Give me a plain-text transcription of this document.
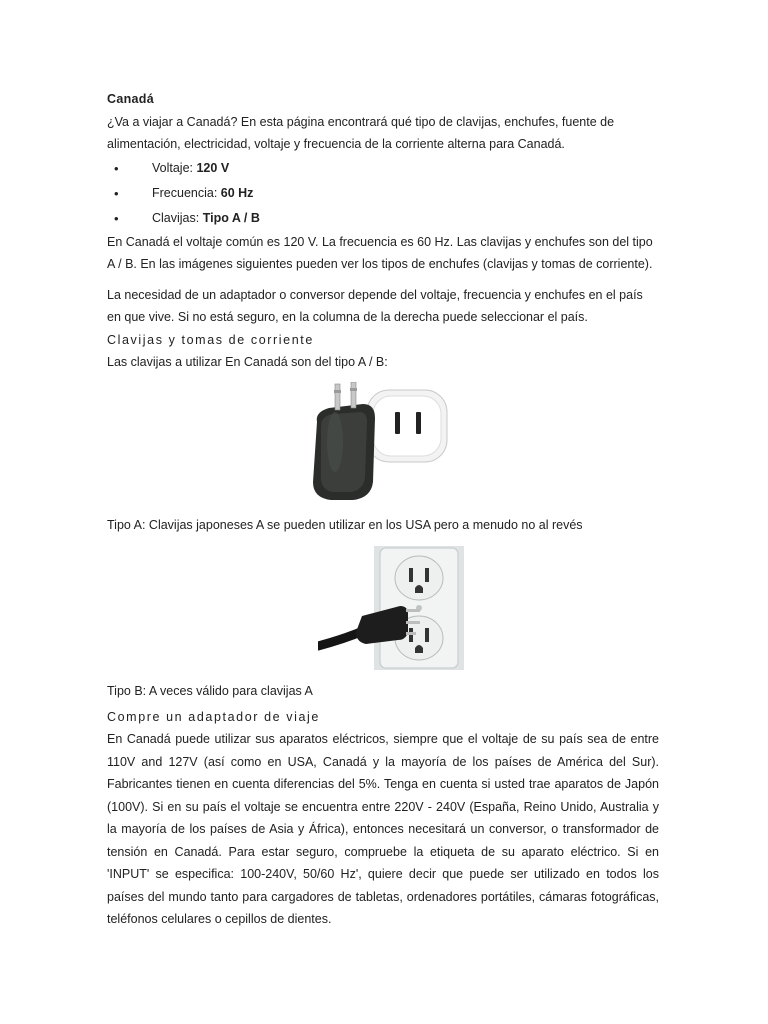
Canadá

¿Va a viajar a Canadá? En esta página encontrará qué tipo de clavijas, enchufes, fuente de alimentación, electricidad, voltaje y frecuencia de la corriente alterna para Canadá.

• Voltaje: 120 V
• Frecuencia: 60 Hz
• Clavijas: Tipo A / B

En Canadá el voltaje común es 120 V. La frecuencia es 60 Hz. Las clavijas y enchufes son del tipo A / B. En las imágenes siguientes pueden ver los tipos de enchufes (clavijas y tomas de corriente).

La necesidad de un adaptador o conversor depende del voltaje, frecuencia y enchufes en el país en que vive. Si no está seguro, en la columna de la derecha puede seleccionar el país.

Clavijas y tomas de corriente

Las clavijas a utilizar En Canadá son del tipo A / B:

Tipo A: Clavijas japoneses A se pueden utilizar en los USA pero a menudo no al revés

Tipo B: A veces válido para clavijas A

Compre un adaptador de viaje

En Canadá puede utilizar sus aparatos eléctricos, siempre que el voltaje de su país sea de entre 110V and 127V (así como en USA, Canadá y la mayoría de los países de América del Sur). Fabricantes tienen en cuenta diferencias del 5%. Tenga en cuenta si usted trae aparatos de Japón (100V). Si en su país el voltaje se encuentra entre 220V - 240V (España, Reino Unido, Australia y la mayoría de los países de Asia y África), entonces necesitará un conversor, o transformador de tensión en Canadá. Para estar seguro, compruebe la etiqueta de su aparato eléctrico. Si en 'INPUT' se especifica: 100-240V, 50/60 Hz', quiere decir que puede ser utilizado en todos los países del mundo tanto para cargadores de tabletas, ordenadores portátiles, cámaras fotográficas, teléfonos celulares o cepillos de dientes.
